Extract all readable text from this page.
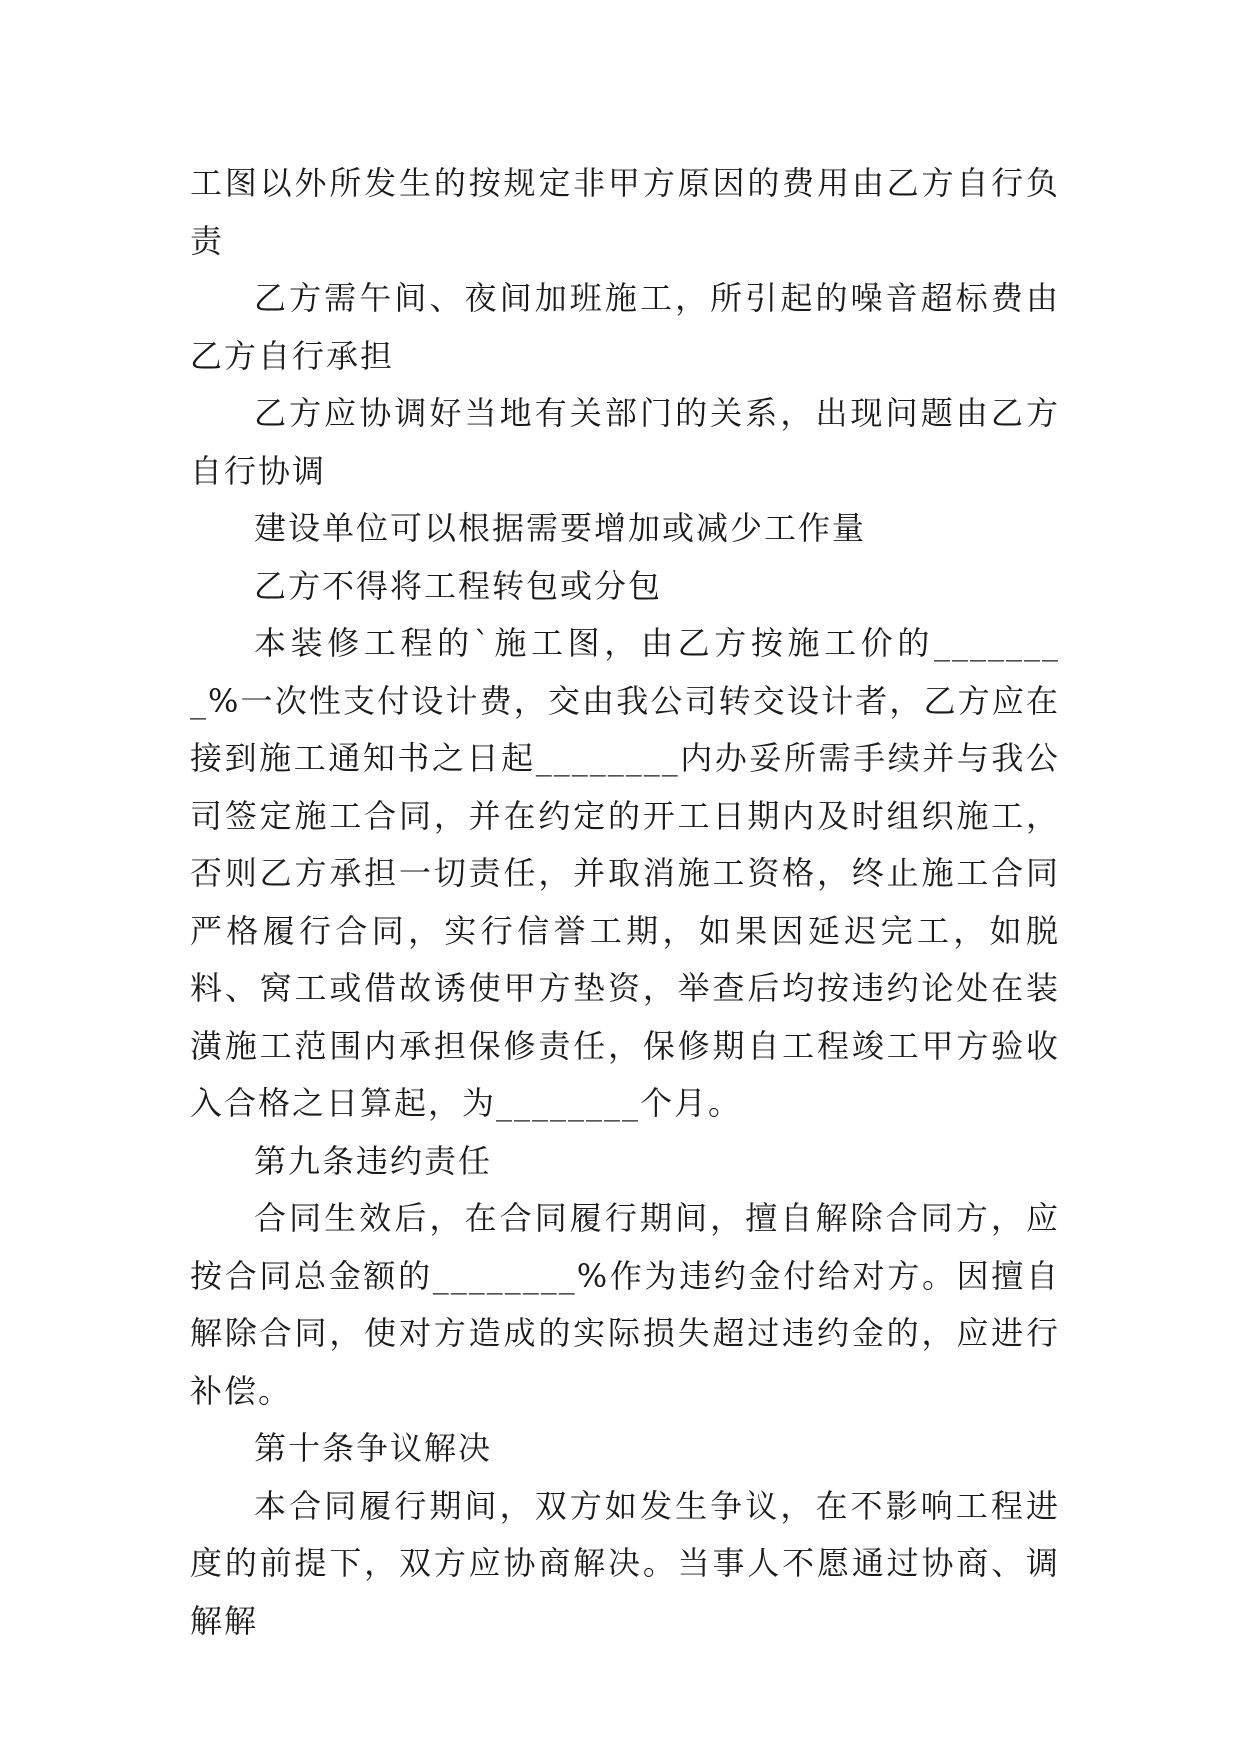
工图以外所发生的按规定非甲方原因的费用由乙方自行负责

乙方需午间、夜间加班施工，所引起的噪音超标费由乙方自行承担

乙方应协调好当地有关部门的关系，出现问题由乙方自行协调

建设单位可以根据需要增加或减少工作量

乙方不得将工程转包或分包

本装修工程的`施工图，由乙方按施工价的________%一次性支付设计费，交由我公司转交设计者，乙方应在接到施工通知书之日起________内办妥所需手续并与我公司签定施工合同，并在约定的开工日期内及时组织施工，否则乙方承担一切责任，并取消施工资格，终止施工合同严格履行合同，实行信誉工期，如果因延迟完工，如脱料、窝工或借故诱使甲方垫资，举查后均按违约论处在装潢施工范围内承担保修责任，保修期自工程竣工甲方验收入合格之日算起，为________个月。

第九条违约责任

合同生效后，在合同履行期间，擅自解除合同方，应按合同总金额的________%作为违约金付给对方。因擅自解除合同，使对方造成的实际损失超过违约金的，应进行补偿。

第十条争议解决

本合同履行期间，双方如发生争议，在不影响工程进度的前提下，双方应协商解决。当事人不愿通过协商、调解解
